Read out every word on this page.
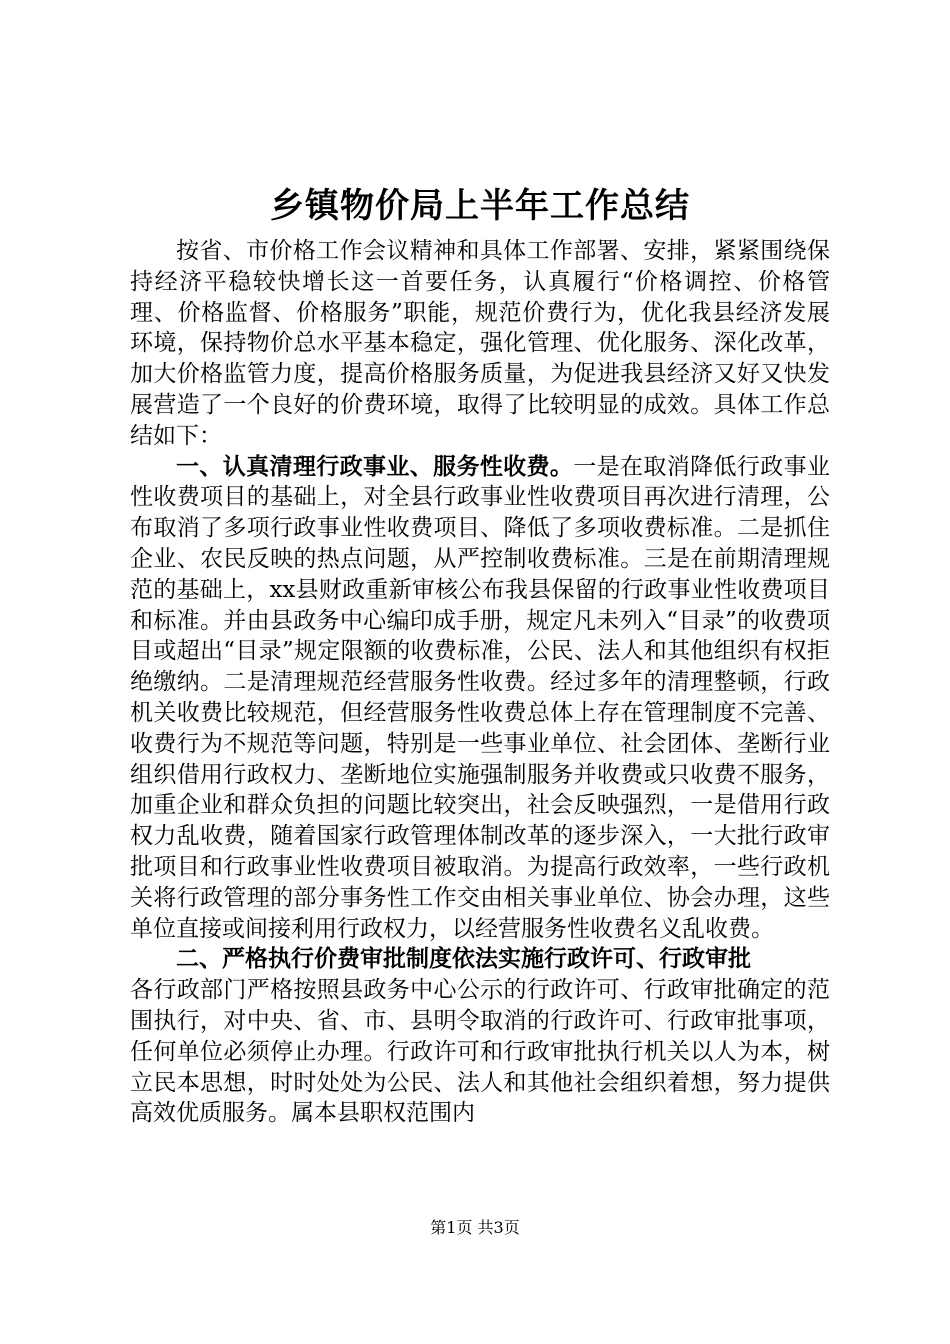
乡镇物价局上半年工作总结

按省、市价格工作会议精神和具体工作部署、安排，紧紧围绕保持经济平稳较快增长这一首要任务，认真履行“价格调控、价格管理、价格监督、价格服务”职能，规范价费行为，优化我县经济发展环境，保持物价总水平基本稳定，强化管理、优化服务、深化改革，加大价格监管力度，提高价格服务质量，为促进我县经济又好又快发展营造了一个良好的价费环境，取得了比较明显的成效。具体工作总结如下：

一、认真清理行政事业、服务性收费。一是在取消降低行政事业性收费项目的基础上，对全县行政事业性收费项目再次进行清理，公布取消了多项行政事业性收费项目、降低了多项收费标准。二是抓住企业、农民反映的热点问题，从严控制收费标准。三是在前期清理规范的基础上，xx县财政重新审核公布我县保留的行政事业性收费项目和标准。并由县政务中心编印成手册，规定凡未列入“目录”的收费项目或超出“目录”规定限额的收费标准，公民、法人和其他组织有权拒绝缴纳。二是清理规范经营服务性收费。经过多年的清理整顿，行政机关收费比较规范，但经营服务性收费总体上存在管理制度不完善、收费行为不规范等问题，特别是一些事业单位、社会团体、垄断行业组织借用行政权力、垄断地位实施强制服务并收费或只收费不服务，加重企业和群众负担的问题比较突出，社会反映强烈，一是借用行政权力乱收费，随着国家行政管理体制改革的逐步深入，一大批行政审批项目和行政事业性收费项目被取消。为提高行政效率，一些行政机关将行政管理的部分事务性工作交由相关事业单位、协会办理，这些单位直接或间接利用行政权力，以经营服务性收费名义乱收费。

二、严格执行价费审批制度依法实施行政许可、行政审批

各行政部门严格按照县政务中心公示的行政许可、行政审批确定的范围执行，对中央、省、市、县明令取消的行政许可、行政审批事项，任何单位必须停止办理。行政许可和行政审批执行机关以人为本，树立民本思想，时时处处为公民、法人和其他社会组织着想，努力提供高效优质服务。属本县职权范围内

第1页 共3页
